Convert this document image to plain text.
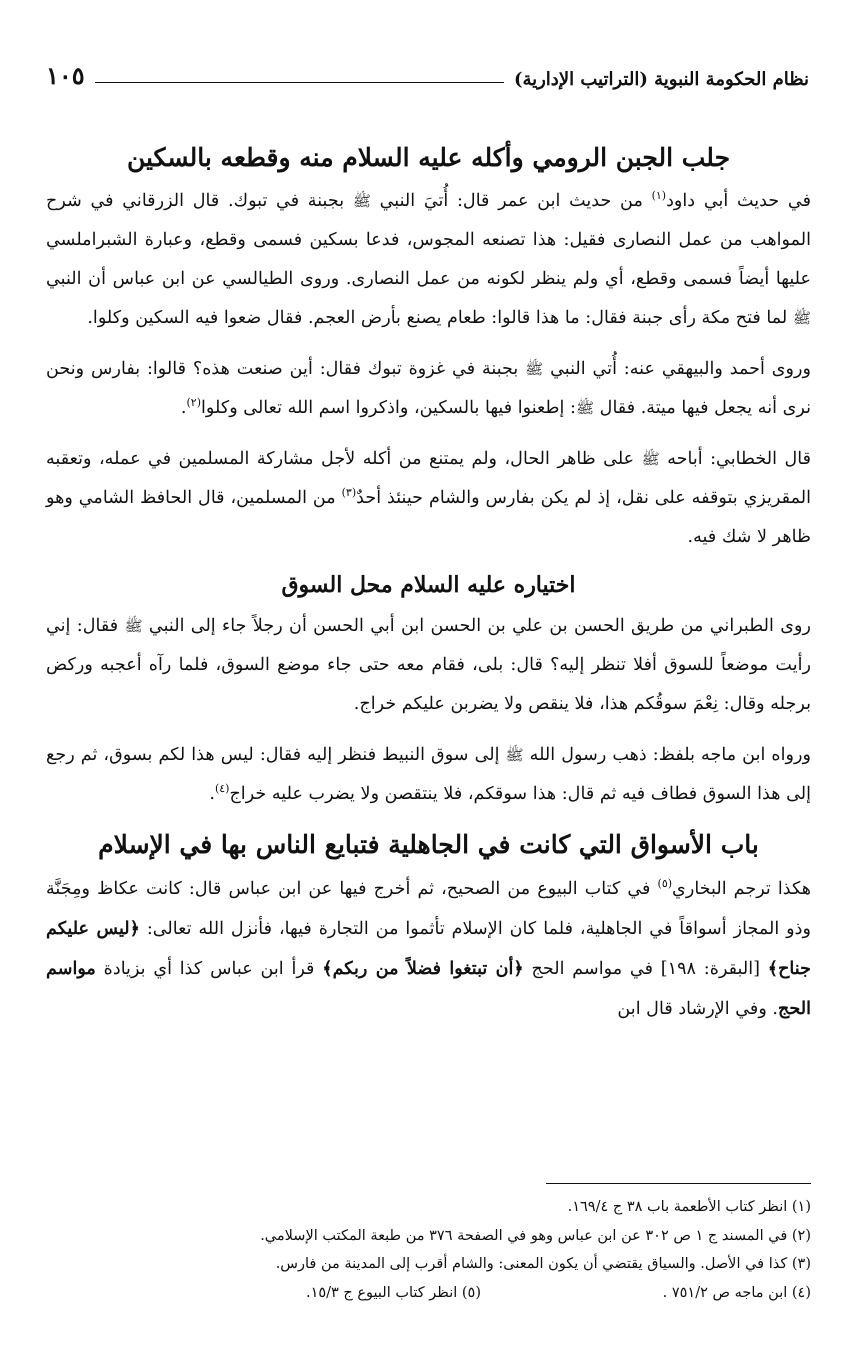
نظام الحكومة النبوية (التراتيب الإدارية)
١٠٥
جلب الجبن الرومي وأكله عليه السلام منه وقطعه بالسكين

في حديث أبي داود$^{(١)}$ من حديث ابن عمر قال: أُتيَ النبي ﷺ بجبنة في تبوك. قال الزرقاني في شرح المواهب من عمل النصارى فقيل: هذا تصنعه المجوس، فدعا بسكين فسمى وقطع، وعبارة الشبراملسي عليها أيضاً فسمى وقطع، أي ولم ينظر لكونه من عمل النصارى. وروى الطيالسي عن ابن عباس أن النبي ﷺ لما فتح مكة رأى جبنة فقال: ما هذا قالوا: طعام يصنع بأرض العجم. فقال ضعوا فيه السكين وكلوا.

وروى أحمد والبيهقي عنه: أُتي النبي ﷺ بجبنة في غزوة تبوك فقال: أين صنعت هذه؟ قالوا: بفارس ونحن نرى أنه يجعل فيها ميتة. فقال ﷺ: إطعنوا فيها بالسكين، واذكروا اسم الله تعالى وكلوا$^{(٢)}$.

قال الخطابي: أباحه ﷺ على ظاهر الحال، ولم يمتنع من أكله لأجل مشاركة المسلمين في عمله، وتعقبه المقريزي بتوقفه على نقل، إذ لم يكن بفارس والشام حينئذ أحدٌ$^{(٣)}$ من المسلمين، قال الحافظ الشامي وهو ظاهر لا شك فيه.

اختياره عليه السلام محل السوق

روى الطبراني من طريق الحسن بن علي بن الحسن ابن أبي الحسن أن رجلاً جاء إلى النبي ﷺ فقال: إني رأيت موضعاً للسوق أفلا تنظر إليه؟ قال: بلى، فقام معه حتى جاء موضع السوق، فلما رآه أعجبه وركض برجله وقال: نِعْمَ سوقُكم هذا، فلا ينقص ولا يضربن عليكم خراج.

ورواه ابن ماجه بلفظ: ذهب رسول الله ﷺ إلى سوق النبيط فنظر إليه فقال: ليس هذا لكم بسوق، ثم رجع إلى هذا السوق فطاف فيه ثم قال: هذا سوقكم، فلا ينتقصن ولا يضرب عليه خراج$^{(٤)}$.

باب الأسواق التي كانت في الجاهلية فتبايع الناس بها في الإسلام

هكذا ترجم البخاري$^{(٥)}$ في كتاب البيوع من الصحيح، ثم أخرج فيها عن ابن عباس قال: كانت عكاظ ومِجَنَّة وذو المجاز أسواقاً في الجاهلية، فلما كان الإسلام تأثموا من التجارة فيها، فأنزل الله تعالى: ﴿ليس عليكم جناح﴾ [البقرة: ١٩٨] في مواسم الحج ﴿أن تبتغوا فضلاً من ربكم﴾ قرأ ابن عباس كذا أي بزيادة مواسم الحج. وفي الإرشاد قال ابن

(١) انظر كتاب الأطعمة باب ٣٨ ج ١٦٩/٤.
(٢) في المسند ج ١ ص ٣٠٢ عن ابن عباس وهو في الصفحة ٣٧٦ من طبعة المكتب الإسلامي.
(٣) كذا في الأصل. والسياق يقتضي أن يكون المعنى: والشام أقرب إلى المدينة من فارس.
(٤) ابن ماجه ص ٧٥١/٢ .
(٥) انظر كتاب البيوع ج ١٥/٣.
